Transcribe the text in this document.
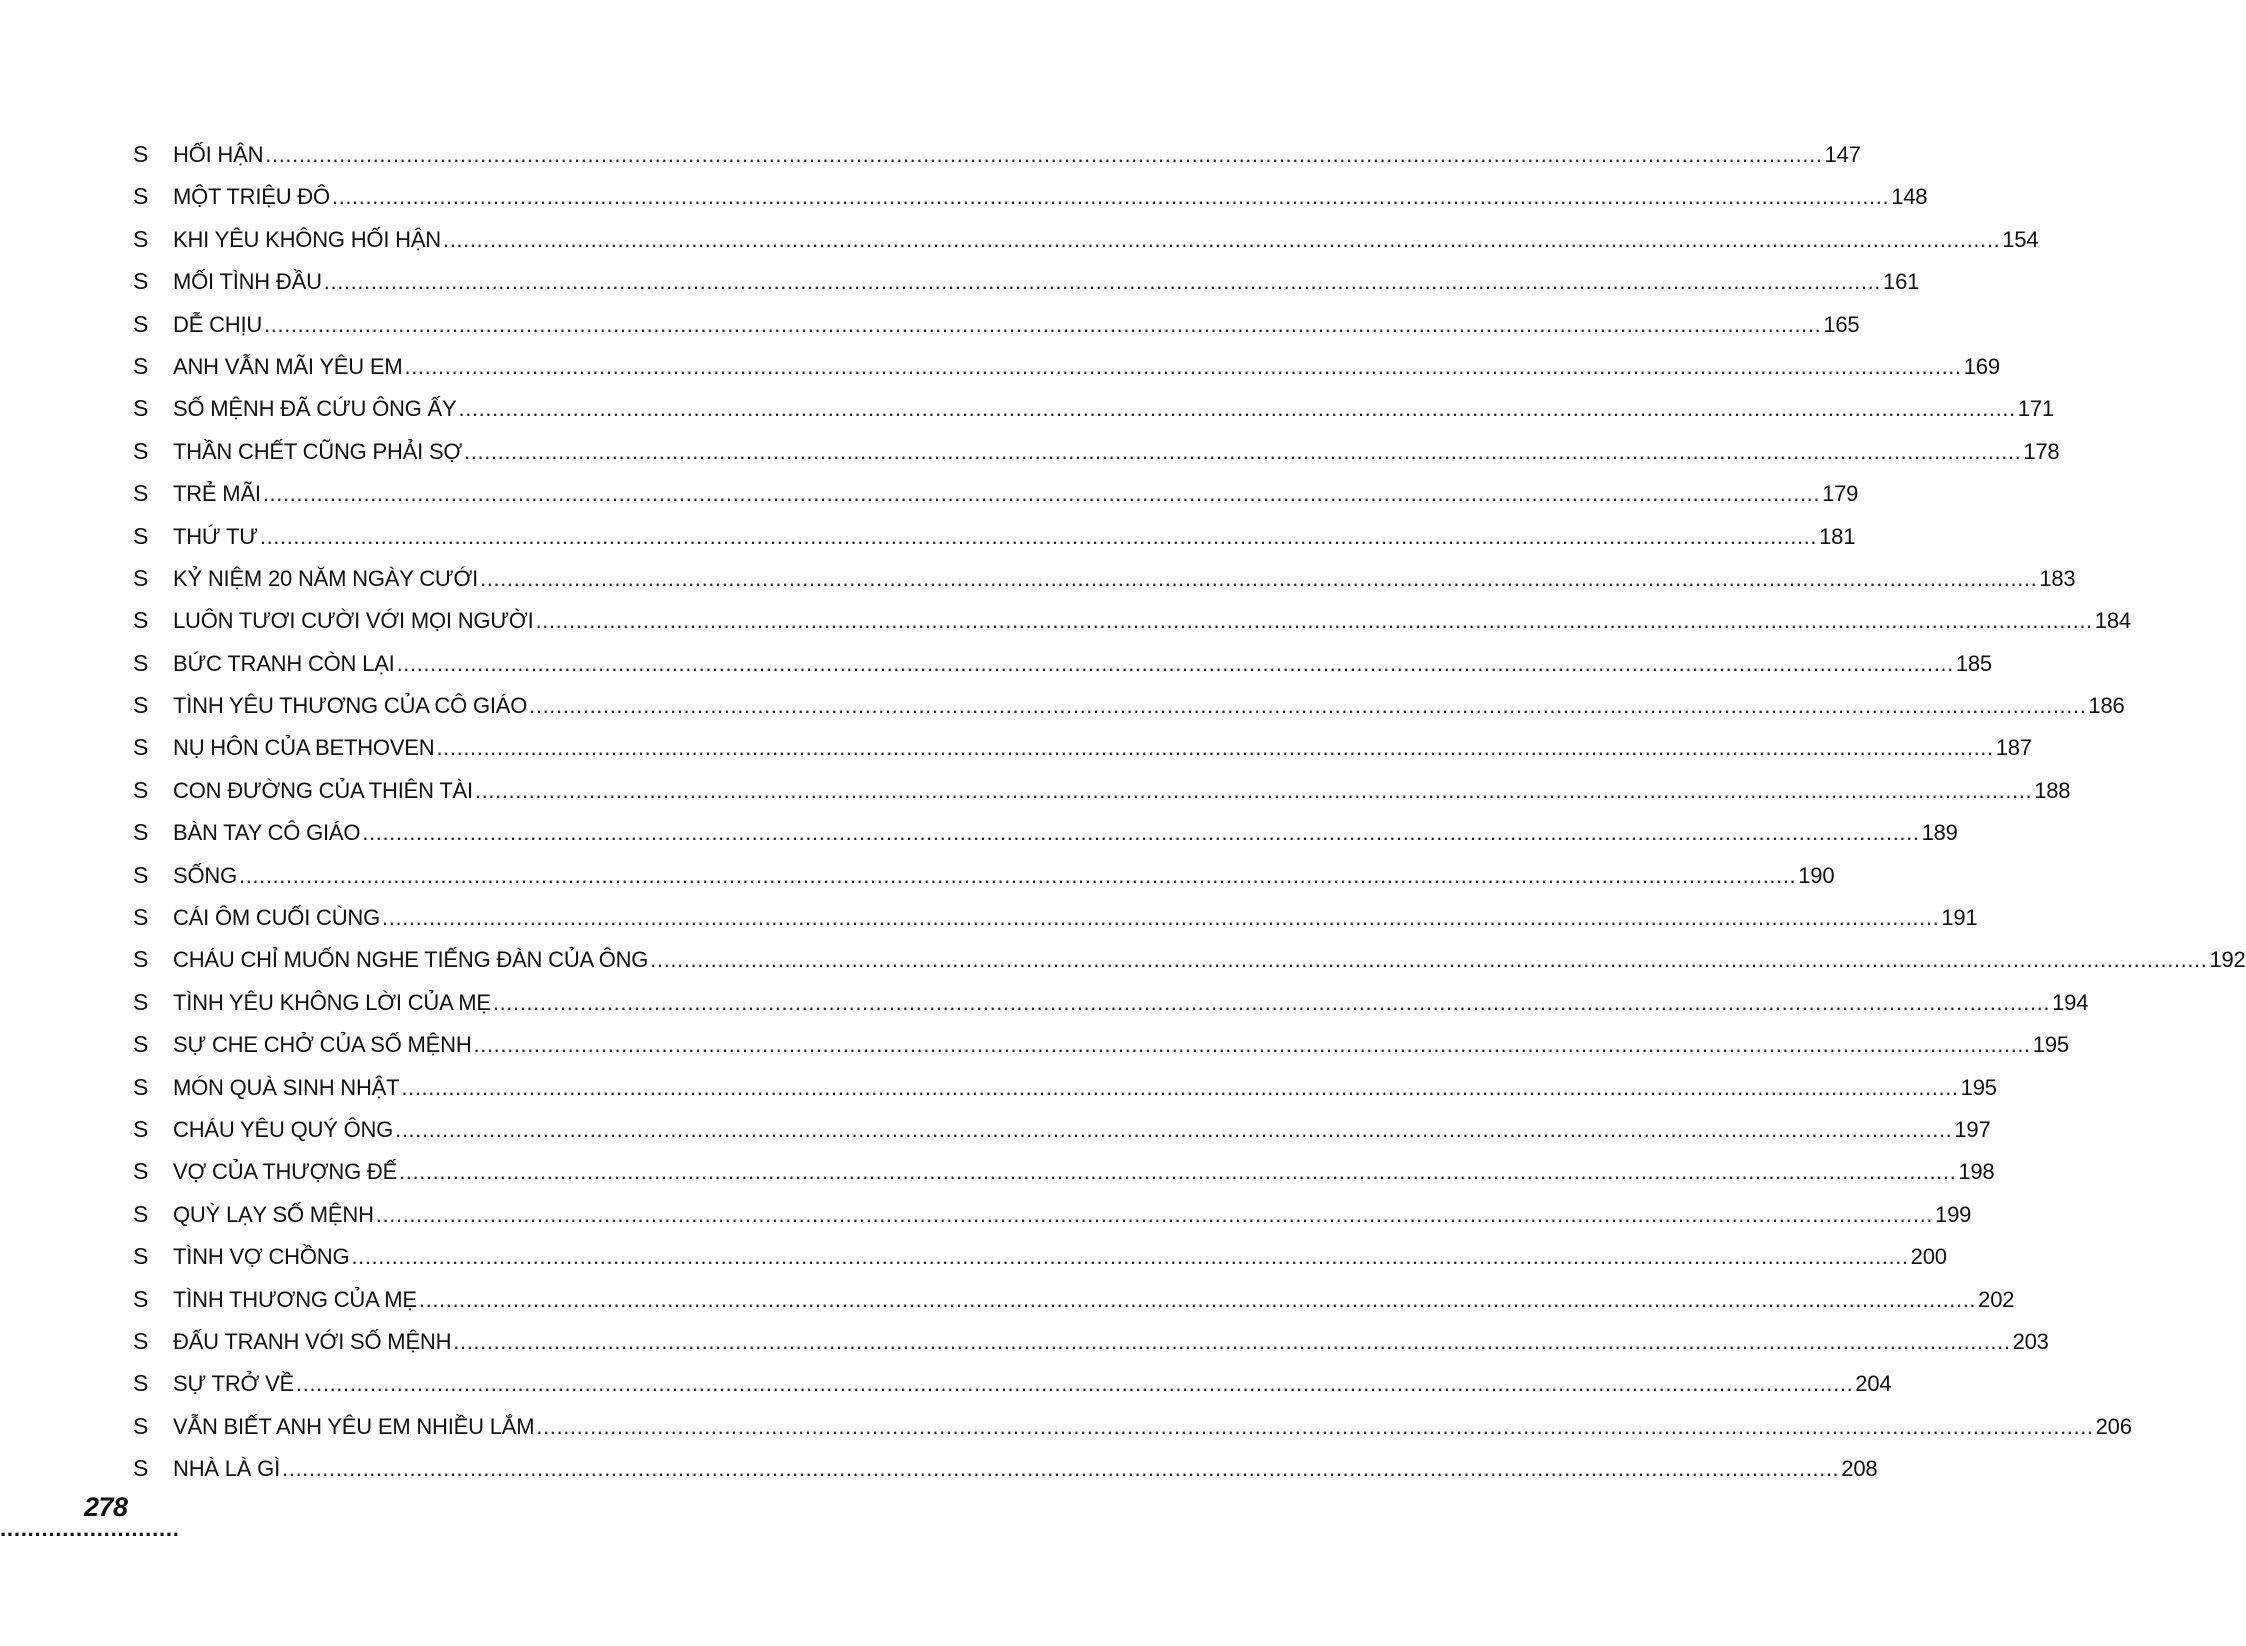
S	HỐI HẬN .....	147
S	MỘT TRIỆU ĐÔ .....	148
S	KHI YÊU KHÔNG HỐI HẬN .....	154
S	MỐI TÌNH ĐẦU .....	161
S	DỄ CHỊU .....	165
S	ANH VẪN MÃI YÊU EM .....	169
S	SỐ MỆNH ĐÃ CỨU ÔNG ẤY .....	171
S	THẦN CHẾT CŨNG PHẢI SỢ .....	178
S	TRẺ MÃI .....	179
S	THỨ TƯ .....	181
S	KỶ NIỆM 20 NĂM NGÀY CƯỚI .....	183
S	LUÔN TƯƠI CƯỜI VỚI MỌI NGƯỜI .....	184
S	BỨC TRANH CÒN LẠI .....	185
S	TÌNH YÊU THƯƠNG CỦA CÔ GIÁO .....	186
S	NỤ HÔN CỦA BETHOVEN .....	187
S	CON ĐƯỜNG CỦA THIÊN TÀI .....	188
S	BÀN TAY CÔ GIÁO .....	189
S	SỐNG .....	190
S	CÁI ÔM CUỐI CÙNG .....	191
S	CHÁU CHỈ MUỐN NGHE TIẾNG ĐÀN CỦA ÔNG .....	192
S	TÌNH YÊU KHÔNG LỜI CỦA MẸ .....	194
S	SỰ CHE CHỞ CỦA SỐ MỆNH .....	195
S	MÓN QUÀ SINH NHẬT .....	195
S	CHÁU YÊU QUÝ ÔNG .....	197
S	VỢ CỦA THƯỢNG ĐẾ .....	198
S	QUỲ LẠY SỐ MỆNH .....	199
S	TÌNH VỢ CHỒNG .....	200
S	TÌNH THƯƠNG CỦA MẸ .....	202
S	ĐẤU TRANH VỚI SỐ MỆNH .....	203
S	SỰ TRỞ VỀ .....	204
S	VẪN BIẾT ANH YÊU EM NHIỀU LẮM .....	206
S	NHÀ LÀ GÌ .....	208
278
..........................
